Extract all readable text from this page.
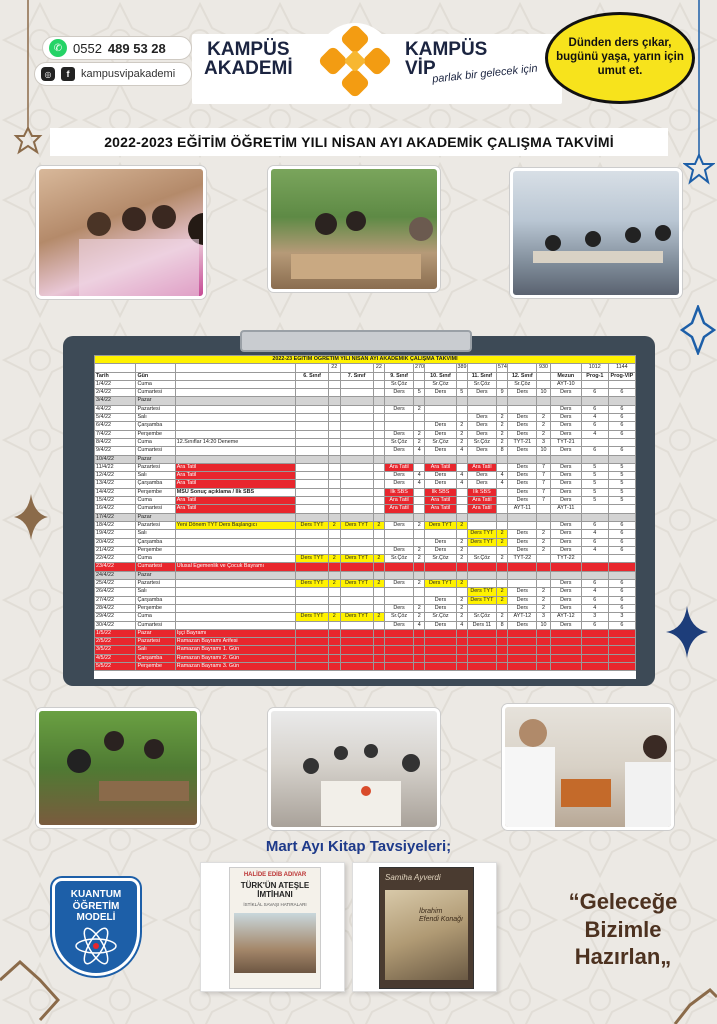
✆ 0552 489 53 28
◎	f	kampusvipakademi
KAMPÜS
AKADEMİ
KAMPÜS
VİP
parlak bir gelecek için
Dünden ders çıkar, bugünü yaşa, yarın için umut et.
2022-2023 EĞİTİM ÖĞRETİM YILI NİSAN AYI AKADEMİK ÇALIŞMA TAKVİMİ
2022-23 EĞİTİM ÖĞRETİM YILI NİSAN AYI AKADEMİK ÇALIŞMA TAKVİMİ																	
				22		22		270		389		574		930		1012	1144
Tarih	Gün		6. Sınıf		7. Sınıf		9. Sınıf		10. Sınıf		11. Sınıf		12. Sınıf		Mezun	Prog-1	Prog-VİP
1/4/22	Cuma						Sr.Çöz		Sr.Çöz		Sr.Çöz		Sr.Çöz		AYT-10		
2/4/22	Cumartesi						Ders	5	Ders	5	Ders	9	Ders	10	Ders	6	6
3/4/22	Pazar																
4/4/22	Pazartesi						Ders	2							Ders	6	6
5/4/22	Salı										Ders	2	Ders	2	Ders	4	6
6/4/22	Çarşamba								Ders	2	Ders	2	Ders	2	Ders	6	6
7/4/22	Perşembe						Ders	2	Ders	2	Ders	2	Ders	2	Ders	4	6
8/4/22	Cuma	12.Sınıflar 14:20 Deneme					Sr.Çöz	2	Sr.Çöz	2	Sr.Çöz	2	TYT-21	3	TYT-21		
9/4/22	Cumartesi						Ders	4	Ders	4	Ders	8	Ders	10	Ders	6	6
10/4/22	Pazar																
11/4/22	Pazartesi	Ara Tatil					Ara Tatil		Ara Tatil		Ara Tatil		Ders	7	Ders	5	5
12/4/22	Salı	Ara Tatil					Ders	4	Ders	4	Ders	4	Ders	7	Ders	5	5
13/4/22	Çarşamba	Ara Tatil					Ders	4	Ders	4	Ders	4	Ders	7	Ders	5	5
14/4/22	Perşembe	MSÜ Sonuç açıklama / İlk SBS					İlk SBS		İlk SBS		İlk SBS		Ders	7	Ders	5	5
15/4/22	Cuma	Ara Tatil					Ara Tatil		Ara Tatil		Ara Tatil		Ders	7	Ders	5	5
16/4/22	Cumartesi	Ara Tatil					Ara Tatil		Ara Tatil		Ara Tatil		AYT-11		AYT-11		
17/4/22	Pazar																
18/4/22	Pazartesi	Yeni Dönem TYT Ders Başlangıcı	Ders TYT	2	Ders TYT	2	Ders	2	Ders TYT	2					Ders	6	6
19/4/22	Salı										Ders TYT	2	Ders	2	Ders	4	6
20/4/22	Çarşamba								Ders	2	Ders TYT	2	Ders	2	Ders	6	6
21/4/22	Perşembe						Ders	2	Ders	2			Ders	2	Ders	4	6
22/4/22	Cuma		Ders TYT	2	Ders TYT	2	Sr.Çöz	2	Sr.Çöz	2	Sr.Çöz	2	TYT-22		TYT-22		
23/4/22	Cumartesi	Ulusal Egemenlik ve Çocuk Bayramı															
24/4/22	Pazar																
25/4/22	Pazartesi		Ders TYT	2	Ders TYT	2	Ders	2	Ders TYT	2					Ders	6	6
26/4/22	Salı										Ders TYT	2	Ders	2	Ders	4	6
27/4/22	Çarşamba								Ders	2	Ders TYT	2	Ders	2	Ders	6	6
28/4/22	Perşembe						Ders	2	Ders	2			Ders	2	Ders	4	6
29/4/22	Cuma		Ders TYT	2	Ders TYT	2	Sr.Çöz	2	Sr.Çöz	2	Sr.Çöz	2	AYT-12	3	AYT-12	3	3
30/4/22	Cumartesi						Ders	4	Ders	4	Ders 11	8	Ders	10	Ders	6	6
1/5/22	Pazar	İşçi Bayramı															
2/5/22	Pazartesi	Ramazan Bayramı Arifesi															
3/5/22	Salı	Ramazan Bayramı 1. Gün															
4/5/22	Çarşamba	Ramazan Bayramı 2. Gün															
5/5/22	Perşembe	Ramazan Bayramı 3. Gün															
Mart Ayı Kitap Tavsiyeleri;
HALİDE EDİB ADIVAR
TÜRK'ÜN ATEŞLE İMTİHANI
İSTİKLÂL SAVAŞI HATIRALARI
Samiha Ayverdi
İbrahim Efendi Konağı
KUANTUM
ÖĞRETİM
MODELİ
“Geleceğe
Bizimle
Hazırlan„
